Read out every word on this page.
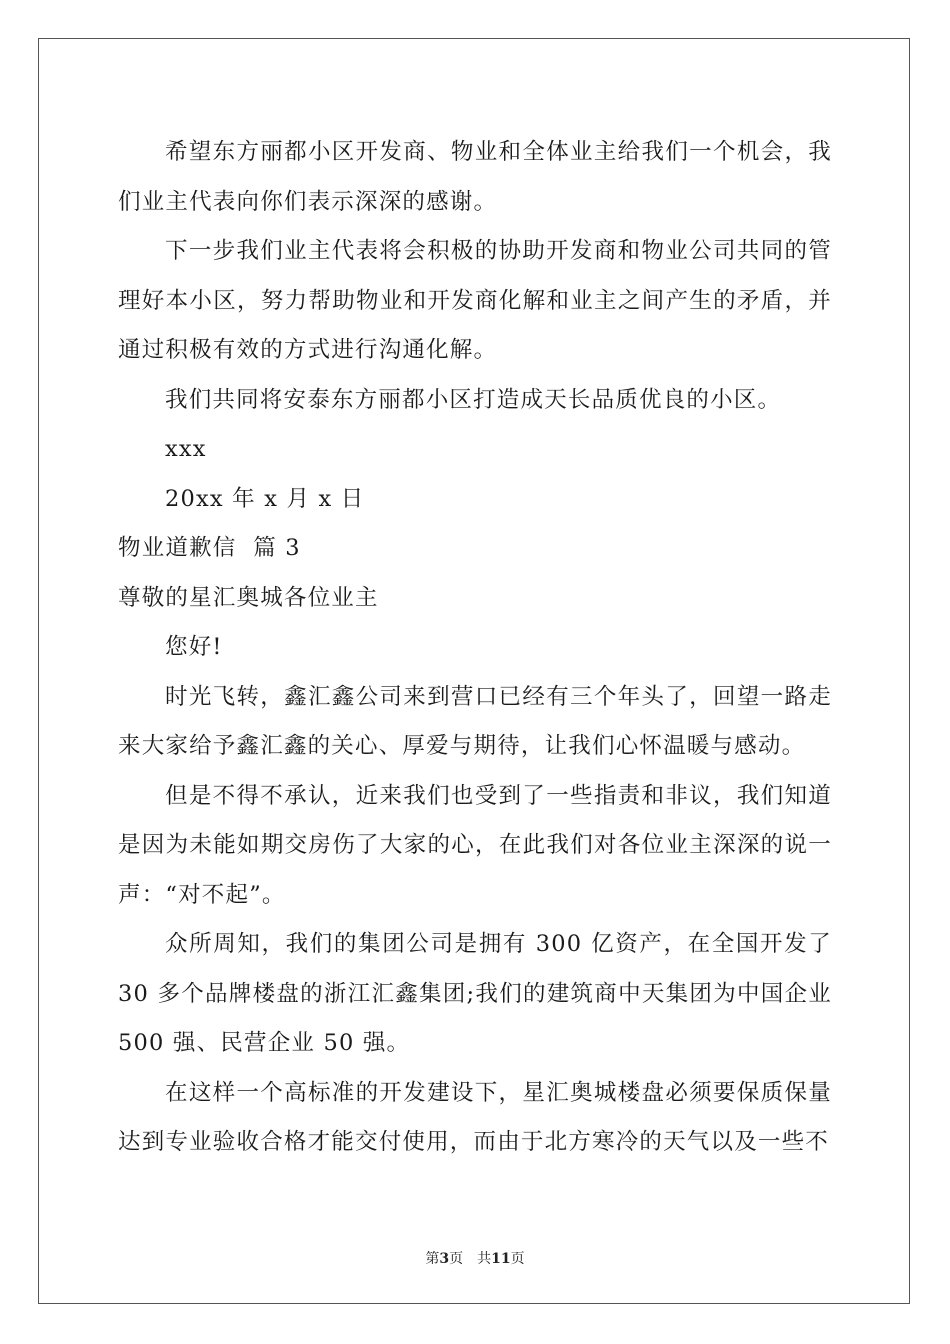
希望东方丽都小区开发商、物业和全体业主给我们一个机会，我们业主代表向你们表示深深的感谢。

下一步我们业主代表将会积极的协助开发商和物业公司共同的管理好本小区，努力帮助物业和开发商化解和业主之间产生的矛盾，并通过积极有效的方式进行沟通化解。

我们共同将安泰东方丽都小区打造成天长品质优良的小区。

xxx

20xx 年 x 月 x 日

物业道歉信  篇 3

尊敬的星汇奥城各位业主

您好!

时光飞转，鑫汇鑫公司来到营口已经有三个年头了，回望一路走来大家给予鑫汇鑫的关心、厚爱与期待，让我们心怀温暖与感动。

但是不得不承认，近来我们也受到了一些指责和非议，我们知道是因为未能如期交房伤了大家的心，在此我们对各位业主深深的说一声：“对不起”。

众所周知，我们的集团公司是拥有 300 亿资产，在全国开发了 30 多个品牌楼盘的浙江汇鑫集团;我们的建筑商中天集团为中国企业 500 强、民营企业 50 强。

在这样一个高标准的开发建设下，星汇奥城楼盘必须要保质保量达到专业验收合格才能交付使用，而由于北方寒冷的天气以及一些不

第3页 共11页
